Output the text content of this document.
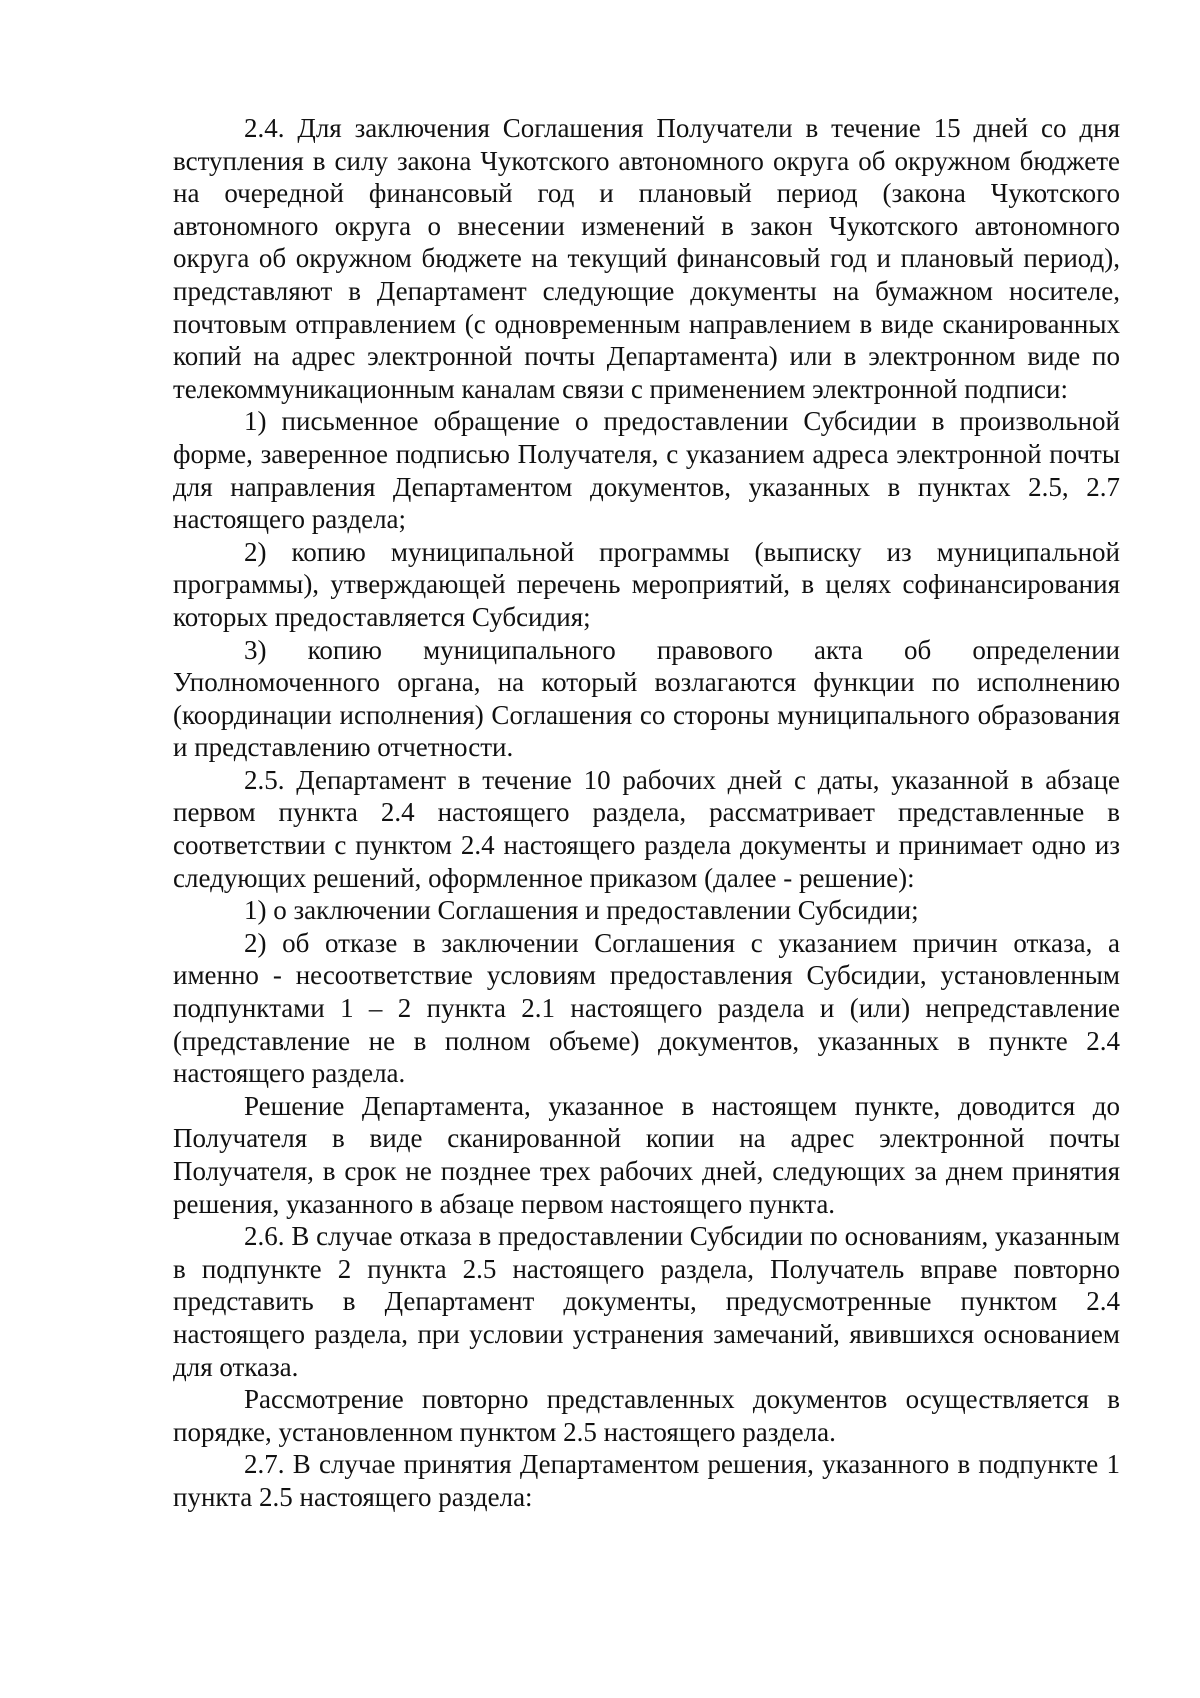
2.4. Для заключения Соглашения Получатели в течение 15 дней со дня вступления в силу закона Чукотского автономного округа об окружном бюджете на очередной финансовый год и плановый период (закона Чукотского автономного округа о внесении изменений в закон Чукотского автономного округа об окружном бюджете на текущий финансовый год и плановый период), представляют в Департамент следующие документы на бумажном носителе, почтовым отправлением (с одновременным направлением в виде сканированных копий на адрес электронной почты Департамента) или в электронном виде по телекоммуникационным каналам связи с применением электронной подписи:

1) письменное обращение о предоставлении Субсидии в произвольной форме, заверенное подписью Получателя, с указанием адреса электронной почты для направления Департаментом документов, указанных в пунктах 2.5, 2.7 настоящего раздела;

2) копию муниципальной программы (выписку из муниципальной программы), утверждающей перечень мероприятий, в целях софинансирования которых предоставляется Субсидия;

3) копию муниципального правового акта об определении Уполномоченного органа, на который возлагаются функции по исполнению (координации исполнения) Соглашения со стороны муниципального образования и представлению отчетности.

2.5. Департамент в течение 10 рабочих дней с даты, указанной в абзаце первом пункта 2.4 настоящего раздела, рассматривает представленные в соответствии с пунктом 2.4 настоящего раздела документы и принимает одно из следующих решений, оформленное приказом (далее - решение):

1) о заключении Соглашения и предоставлении Субсидии;

2) об отказе в заключении Соглашения с указанием причин отказа, а именно - несоответствие условиям предоставления Субсидии, установленным подпунктами 1 – 2 пункта 2.1 настоящего раздела и (или) непредставление (представление не в полном объеме) документов, указанных в пункте 2.4 настоящего раздела.

Решение Департамента, указанное в настоящем пункте, доводится до Получателя в виде сканированной копии на адрес электронной почты Получателя, в срок не позднее трех рабочих дней, следующих за днем принятия решения, указанного в абзаце первом настоящего пункта.

2.6. В случае отказа в предоставлении Субсидии по основаниям, указанным в подпункте 2 пункта 2.5 настоящего раздела, Получатель вправе повторно представить в Департамент документы, предусмотренные пунктом 2.4 настоящего раздела, при условии устранения замечаний, явившихся основанием для отказа.

Рассмотрение повторно представленных документов осуществляется в порядке, установленном пунктом 2.5 настоящего раздела.

2.7. В случае принятия Департаментом решения, указанного в подпункте 1 пункта 2.5 настоящего раздела:
